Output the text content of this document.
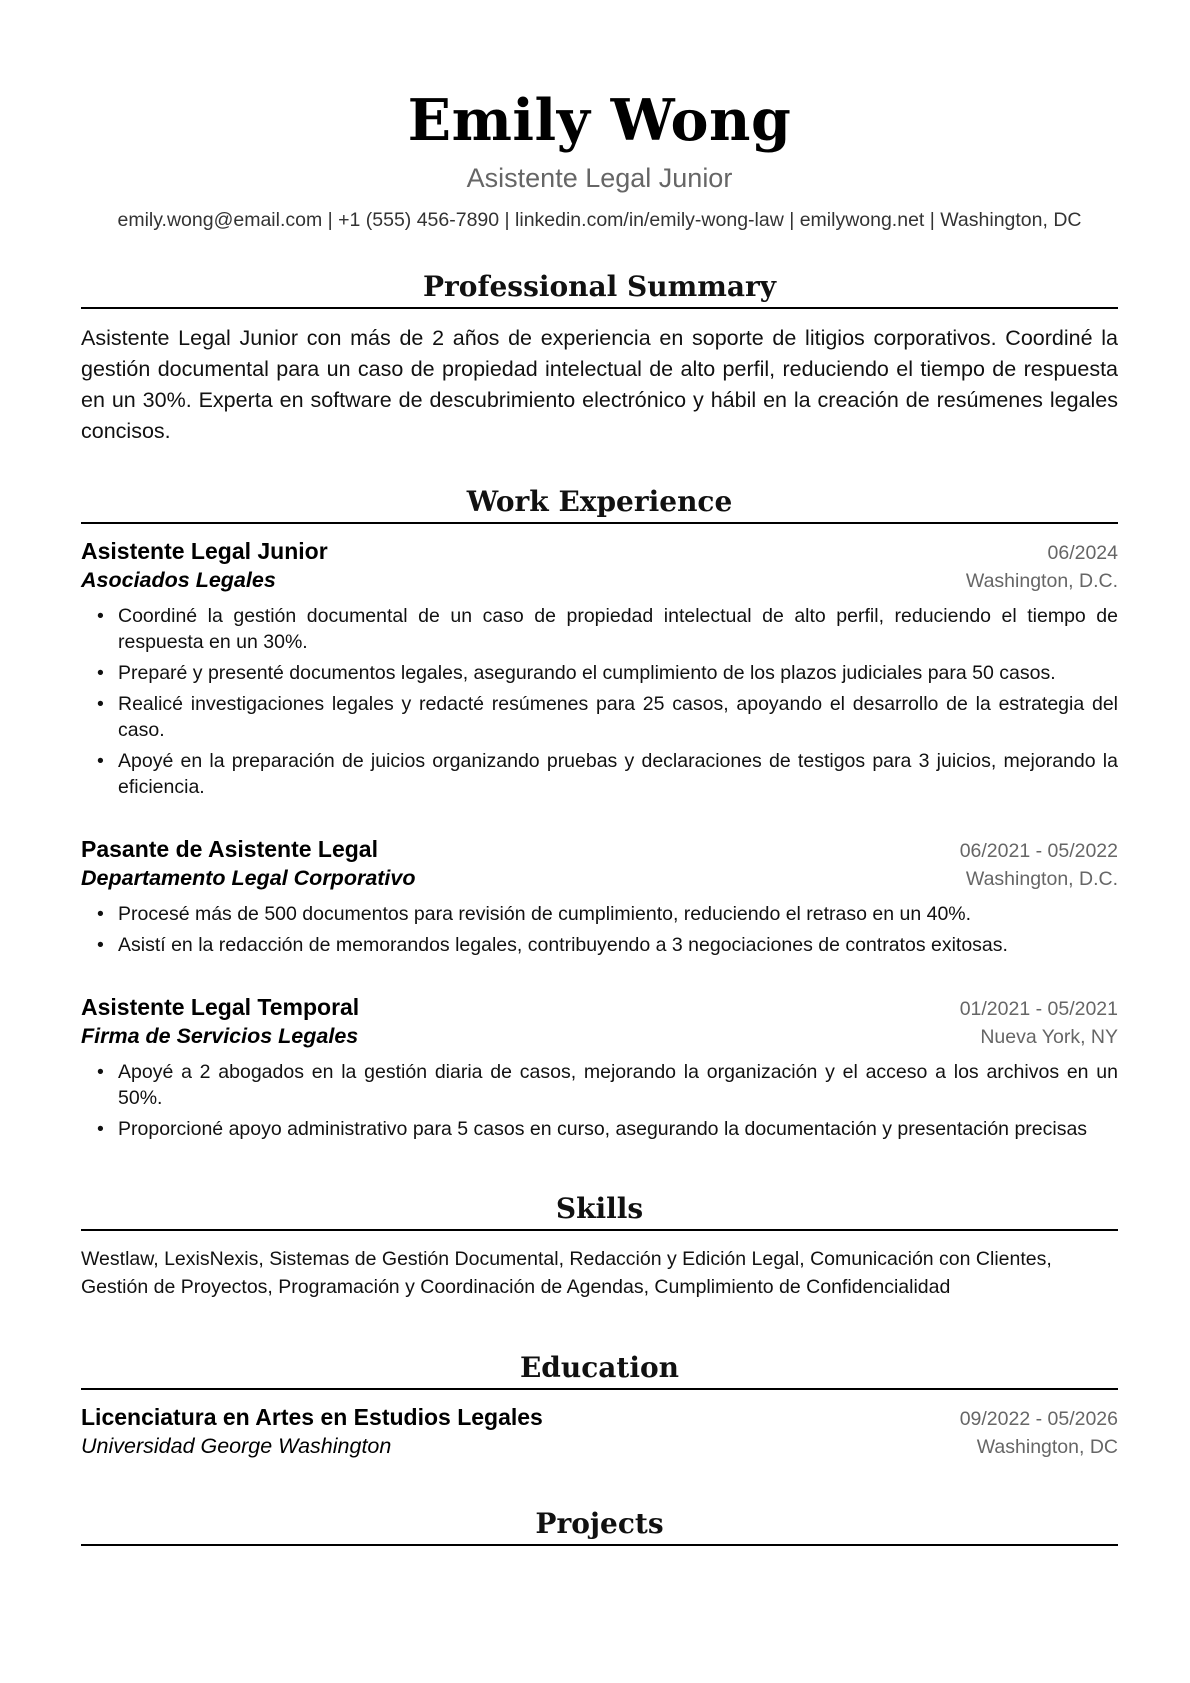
Emily Wong
Asistente Legal Junior
emily.wong@email.com | +1 (555) 456-7890 | linkedin.com/in/emily-wong-law | emilywong.net | Washington, DC
Professional Summary

Asistente Legal Junior con más de 2 años de experiencia en soporte de litigios corporativos. Coordiné la gestión documental para un caso de propiedad intelectual de alto perfil, reduciendo el tiempo de respuesta en un 30%. Experta en software de descubrimiento electrónico y hábil en la creación de resúmenes legales concisos.

Work Experience
Asistente Legal Junior	06/2024
Asociados Legales	Washington, D.C.
• Coordiné la gestión documental de un caso de propiedad intelectual de alto perfil, reduciendo el tiempo de respuesta en un 30%.
• Preparé y presenté documentos legales, asegurando el cumplimiento de los plazos judiciales para 50 casos.
• Realicé investigaciones legales y redacté resúmenes para 25 casos, apoyando el desarrollo de la estrategia del caso.
• Apoyé en la preparación de juicios organizando pruebas y declaraciones de testigos para 3 juicios, mejorando la eficiencia.
Pasante de Asistente Legal	06/2021 - 05/2022
Departamento Legal Corporativo	Washington, D.C.
• Procesé más de 500 documentos para revisión de cumplimiento, reduciendo el retraso en un 40%.
• Asistí en la redacción de memorandos legales, contribuyendo a 3 negociaciones de contratos exitosas.
Asistente Legal Temporal	01/2021 - 05/2021
Firma de Servicios Legales	Nueva York, NY
• Apoyé a 2 abogados en la gestión diaria de casos, mejorando la organización y el acceso a los archivos en un 50%.
• Proporcioné apoyo administrativo para 5 casos en curso, asegurando la documentación y presentación precisas
Skills

Westlaw, LexisNexis, Sistemas de Gestión Documental, Redacción y Edición Legal, Comunicación con Clientes, Gestión de Proyectos, Programación y Coordinación de Agendas, Cumplimiento de Confidencialidad

Education
Licenciatura en Artes en Estudios Legales	09/2022 - 05/2026
Universidad George Washington	Washington, DC
Projects
